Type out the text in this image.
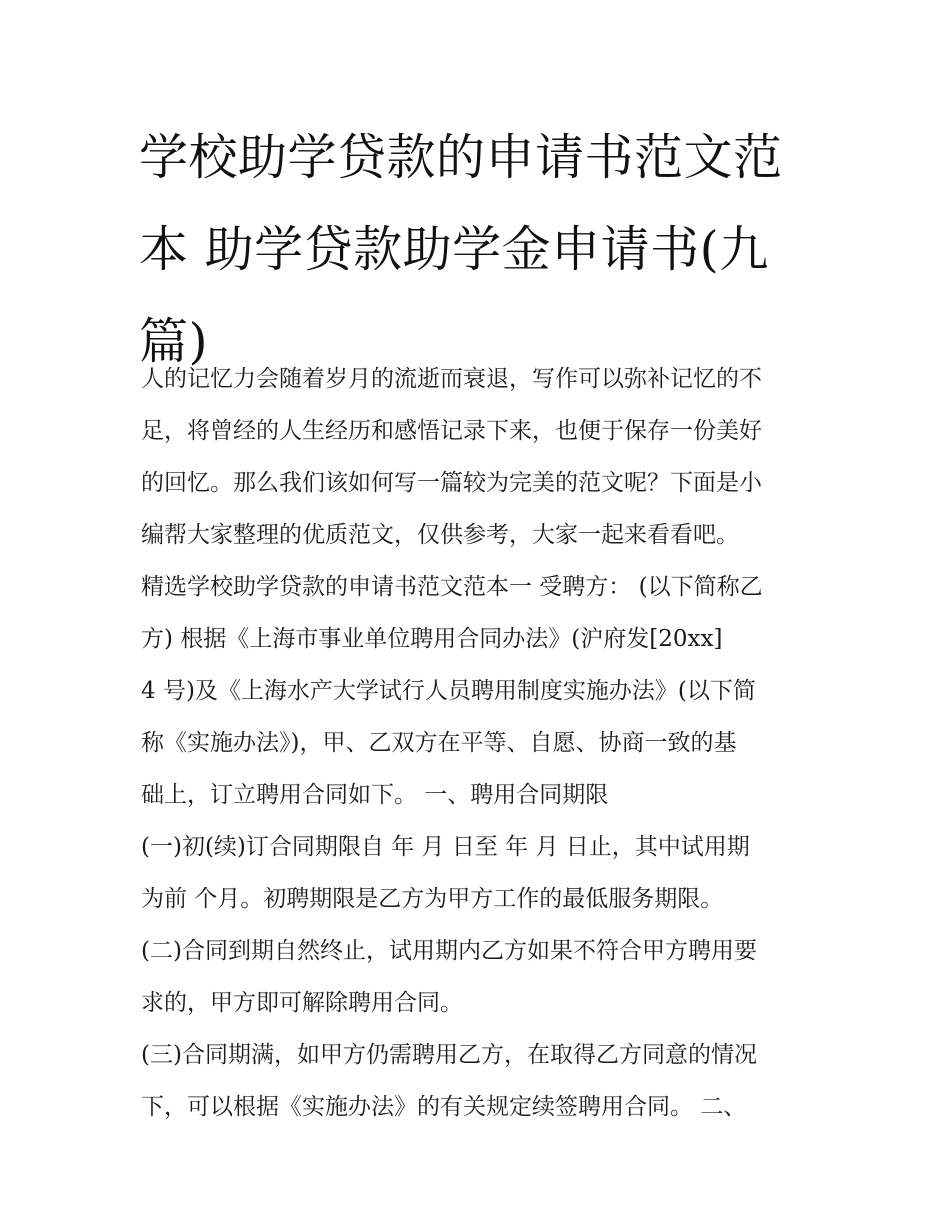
学校助学贷款的申请书范文范
本 助学贷款助学金申请书(九
篇)

人的记忆力会随着岁月的流逝而衰退，写作可以弥补记忆的不

足，将曾经的人生经历和感悟记录下来，也便于保存一份美好

的回忆。那么我们该如何写一篇较为完美的范文呢？下面是小

编帮大家整理的优质范文，仅供参考，大家一起来看看吧。

精选学校助学贷款的申请书范文范本一 受聘方： (以下简称乙

方) 根据《上海市事业单位聘用合同办法》(沪府发[20xx]

4 号)及《上海水产大学试行人员聘用制度实施办法》(以下简

称《实施办法》)，甲、乙双方在平等、自愿、协商一致的基

础上，订立聘用合同如下。 一、聘用合同期限

(一)初(续)订合同期限自 年 月 日至 年 月 日止，其中试用期

为前 个月。初聘期限是乙方为甲方工作的最低服务期限。

(二)合同到期自然终止，试用期内乙方如果不符合甲方聘用要

求的，甲方即可解除聘用合同。

(三)合同期满，如甲方仍需聘用乙方，在取得乙方同意的情况

下，可以根据《实施办法》的有关规定续签聘用合同。 二、
